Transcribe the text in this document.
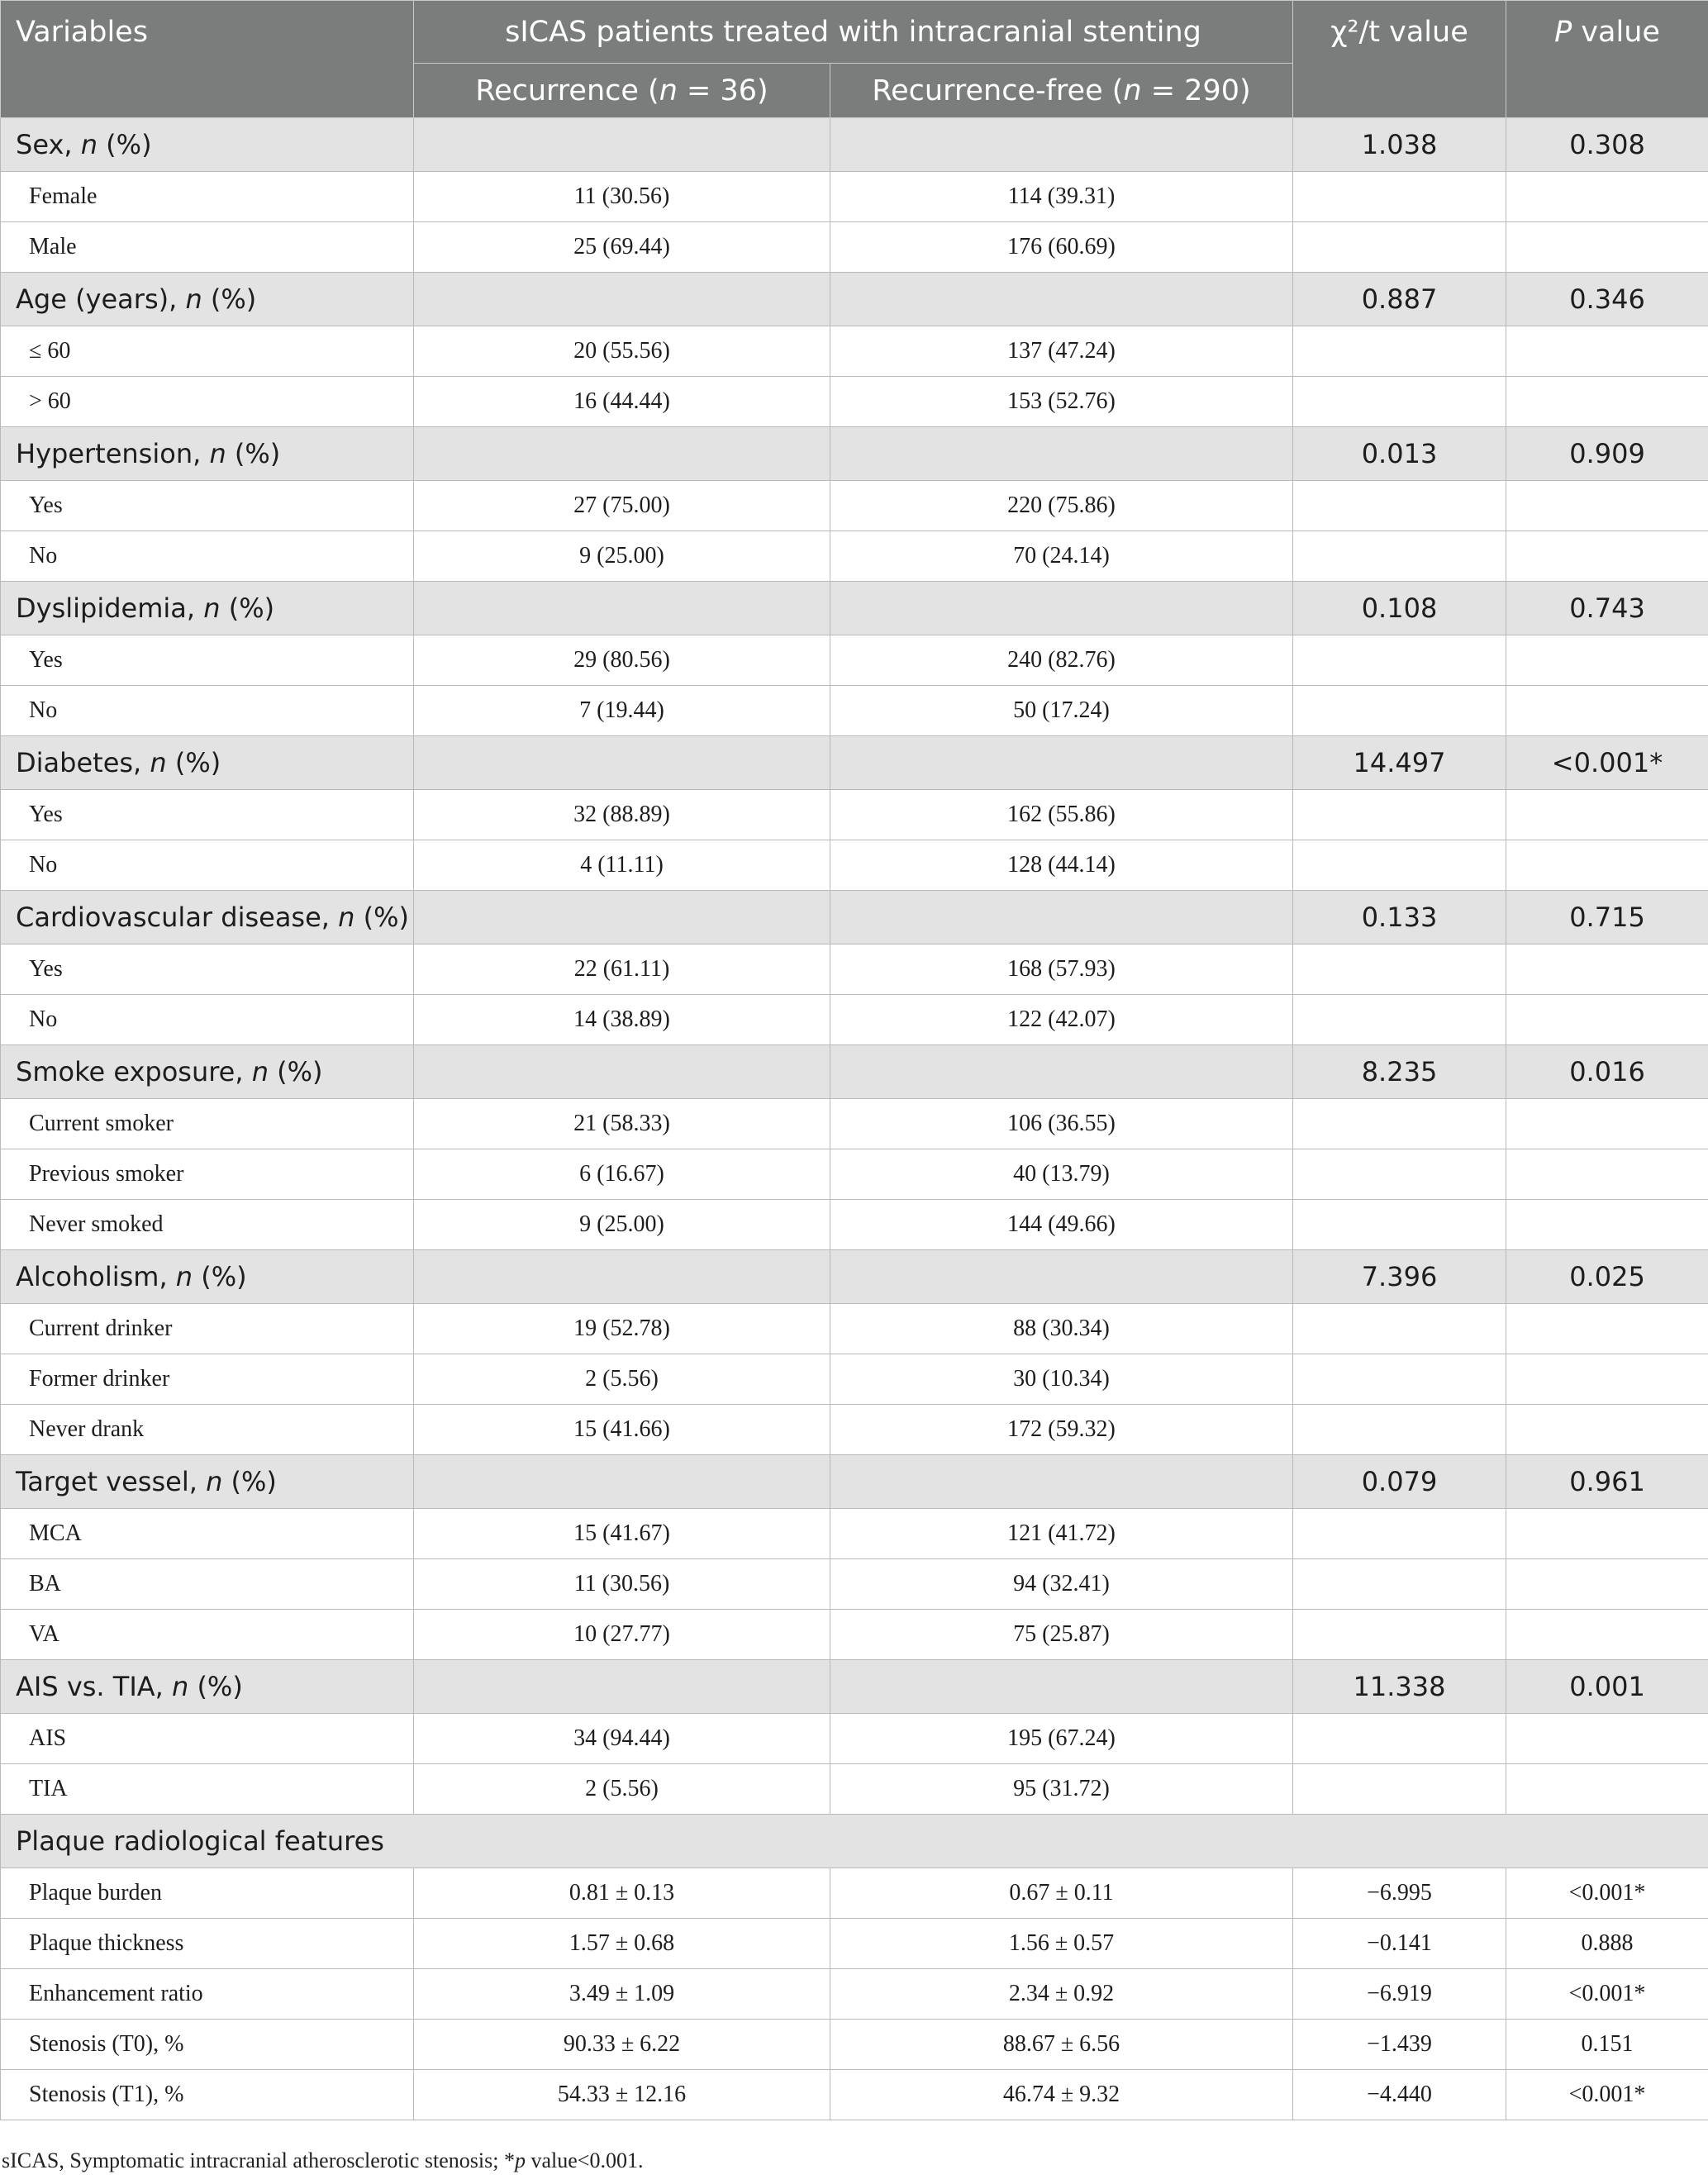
Variables	sICAS patients treated with intracranial stenting		χ²/t value	P value
	Recurrence (n = 36)	Recurrence-free (n = 290)		
Sex, n (%)			1.038	0.308
Female	11 (30.56)	114 (39.31)		
Male	25 (69.44)	176 (60.69)		
Age (years), n (%)			0.887	0.346
≤ 60	20 (55.56)	137 (47.24)		
> 60	16 (44.44)	153 (52.76)		
Hypertension, n (%)			0.013	0.909
Yes	27 (75.00)	220 (75.86)		
No	9 (25.00)	70 (24.14)		
Dyslipidemia, n (%)			0.108	0.743
Yes	29 (80.56)	240 (82.76)		
No	7 (19.44)	50 (17.24)		
Diabetes, n (%)			14.497	<0.001*
Yes	32 (88.89)	162 (55.86)		
No	4 (11.11)	128 (44.14)		
Cardiovascular disease, n (%)			0.133	0.715
Yes	22 (61.11)	168 (57.93)		
No	14 (38.89)	122 (42.07)		
Smoke exposure, n (%)			8.235	0.016
Current smoker	21 (58.33)	106 (36.55)		
Previous smoker	6 (16.67)	40 (13.79)		
Never smoked	9 (25.00)	144 (49.66)		
Alcoholism, n (%)			7.396	0.025
Current drinker	19 (52.78)	88 (30.34)		
Former drinker	2 (5.56)	30 (10.34)		
Never drank	15 (41.66)	172 (59.32)		
Target vessel, n (%)			0.079	0.961
MCA	15 (41.67)	121 (41.72)		
BA	11 (30.56)	94 (32.41)		
VA	10 (27.77)	75 (25.87)		
AIS vs. TIA, n (%)			11.338	0.001
AIS	34 (94.44)	195 (67.24)		
TIA	2 (5.56)	95 (31.72)		
Plaque radiological features				
Plaque burden	0.81 ± 0.13	0.67 ± 0.11	−6.995	<0.001*
Plaque thickness	1.57 ± 0.68	1.56 ± 0.57	−0.141	0.888
Enhancement ratio	3.49 ± 1.09	2.34 ± 0.92	−6.919	<0.001*
Stenosis (T0), %	90.33 ± 6.22	88.67 ± 6.56	−1.439	0.151
Stenosis (T1), %	54.33 ± 12.16	46.74 ± 9.32	−4.440	<0.001*
sICAS, Symptomatic intracranial atherosclerotic stenosis; *p value<0.001.
